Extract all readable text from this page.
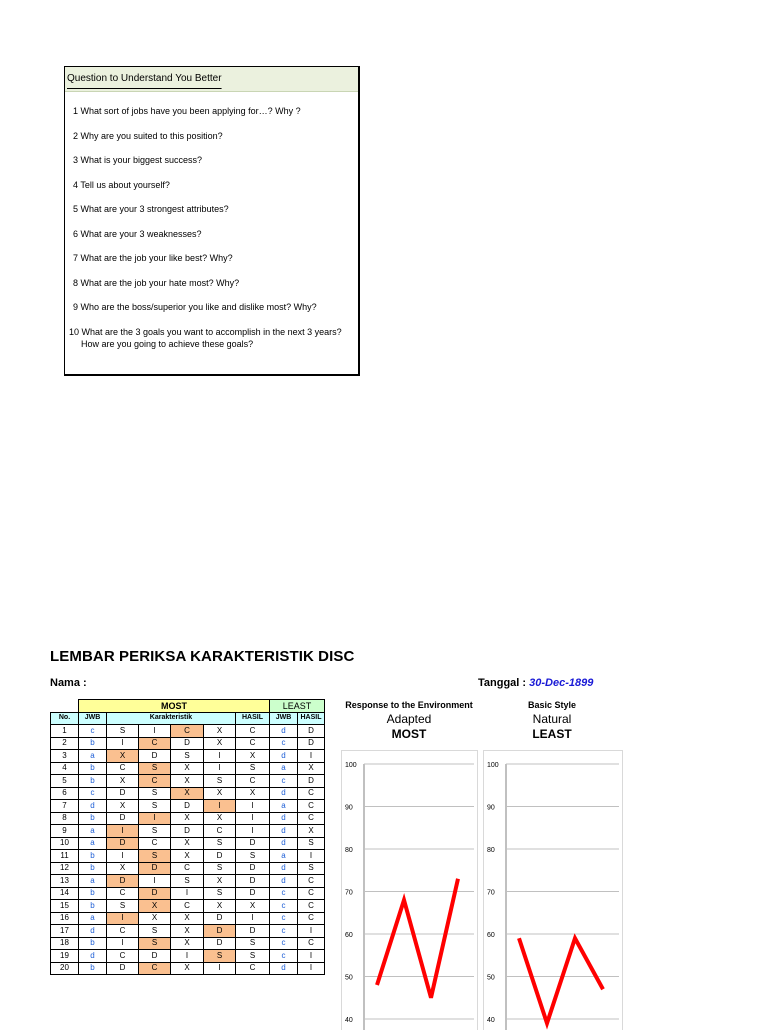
Question to Understand You Better
1 What sort of jobs have you been applying for…? Why ?
2 Why are you suited to this position?
3 What is your biggest success?
4 Tell us about yourself?
5 What are your 3 strongest attributes?
6 What are your 3 weaknesses?
7 What are the job your like best? Why?
8 What are the job your hate most? Why?
9 Who are the boss/superior you like and dislike most? Why?
10 What are the 3 goals you want to accomplish in the next 3 years?
How are you going to achieve these goals?
LEMBAR PERIKSA KARAKTERISTIK DISC
Nama :	Tanggal : 30-Dec-1899
	MOST						LEAST	
No.	JWB	Karakteristik				HASIL	JWB	HASIL
1	c	S	I	C	X	C	d	D
2	b	I	C	D	X	C	c	D
3	a	X	D	S	I	X	d	I
4	b	C	S	X	I	S	a	X
5	b	X	C	X	S	C	c	D
6	c	D	S	X	X	X	d	C
7	d	X	S	D	I	I	a	C
8	b	D	I	X	X	I	d	C
9	a	I	S	D	C	I	d	X
10	a	D	C	X	S	D	d	S
11	b	I	S	X	D	S	a	I
12	b	X	D	C	S	D	d	S
13	a	D	I	S	X	D	d	C
14	b	C	D	I	S	D	c	C
15	b	S	X	C	X	X	c	C
16	a	I	X	X	D	I	c	C
17	d	C	S	X	D	D	c	I
18	b	I	S	X	D	S	c	C
19	d	C	D	I	S	S	c	I
20	b	D	C	X	I	C	d	I
Response to the Environment
Adapted
MOST
Basic Style
Natural
LEAST
100
90
80
70
60
50
40
100
90
80
70
60
50
40
